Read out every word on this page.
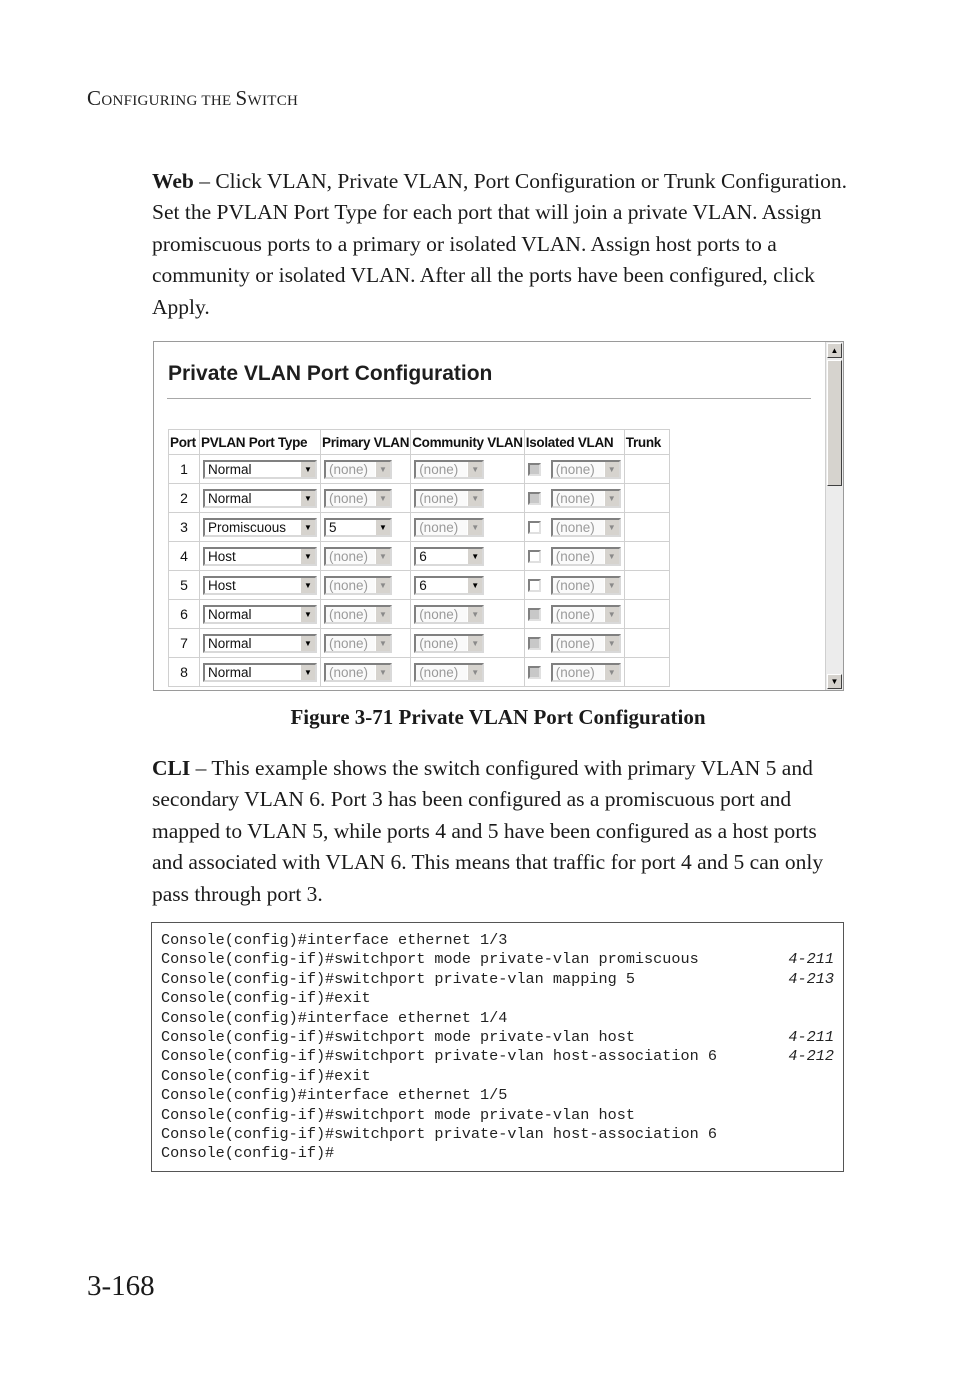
CONFIGURING THE SWITCH
Web – Click VLAN, Private VLAN, Port Configuration or Trunk Configuration. Set the PVLAN Port Type for each port that will join a private VLAN. Assign promiscuous ports to a primary or isolated VLAN. Assign host ports to a community or isolated VLAN. After all the ports have been configured, click Apply.
Private VLAN Port Configuration
Port	PVLAN Port Type	Primary VLAN	Community VLAN	Isolated VLAN	Trunk
1	Normal ▼	(none) ▼	(none) ▼	(none) ▼	

2	Normal ▼	(none) ▼	(none) ▼	(none) ▼	

3	Promiscuous ▼	5 ▼	(none) ▼	(none) ▼	

4	Host ▼	(none) ▼	6 ▼	(none) ▼	

5	Host ▼	(none) ▼	6 ▼	(none) ▼	

6	Normal ▼	(none) ▼	(none) ▼	(none) ▼	

7	Normal ▼	(none) ▼	(none) ▼	(none) ▼	

8	Normal ▼	(none) ▼	(none) ▼	(none) ▼	

▲
▼
Figure 3-71 Private VLAN Port Configuration
CLI – This example shows the switch configured with primary VLAN 5 and secondary VLAN 6. Port 3 has been configured as a promiscuous port and mapped to VLAN 5, while ports 4 and 5 have been configured as a host ports and associated with VLAN 6. This means that traffic for port 4 and 5 can only pass through port 3.
Console(config)#interface ethernet 1/3
Console(config-if)#switchport mode private-vlan promiscuous	4-211
Console(config-if)#switchport private-vlan mapping 5	4-213
Console(config-if)#exit
Console(config)#interface ethernet 1/4
Console(config-if)#switchport mode private-vlan host	4-211
Console(config-if)#switchport private-vlan host-association 6	4-212
Console(config-if)#exit
Console(config)#interface ethernet 1/5
Console(config-if)#switchport mode private-vlan host
Console(config-if)#switchport private-vlan host-association 6
Console(config-if)#
3-168
